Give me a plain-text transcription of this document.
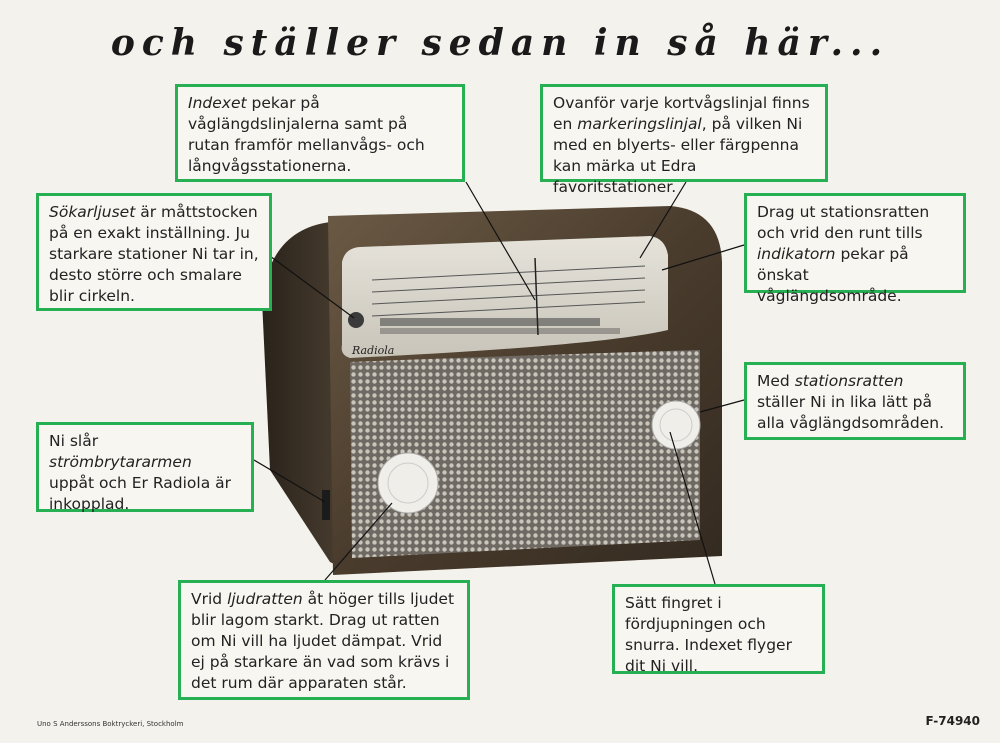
och ställer sedan in så här...
Radiola
Indexet pekar på våglängdslinjalerna samt på rutan framför mellanvågs- och långvågsstationerna.
Ovanför varje kortvågslinjal finns en markeringslinjal, på vilken Ni med en blyerts- eller färgpenna kan märka ut Edra favoritstationer.
Sökarljuset är måttstocken på en exakt inställning. Ju starkare stationer Ni tar in, desto större och smalare blir cirkeln.
Drag ut stationsratten och vrid den runt tills indikatorn pekar på önskat våglängdsområde.
Med stationsratten ställer Ni in lika lätt på alla våglängdsområden.
Ni slår strömbrytararmen uppåt och Er Radiola är inkopplad.
Vrid ljudratten åt höger tills ljudet blir lagom starkt. Drag ut ratten om Ni vill ha ljudet dämpat. Vrid ej på starkare än vad som krävs i det rum där apparaten står.
Sätt fingret i fördjupningen och snurra. Indexet flyger dit Ni vill.
Uno S Anderssons Boktryckeri, Stockholm	F-74940
